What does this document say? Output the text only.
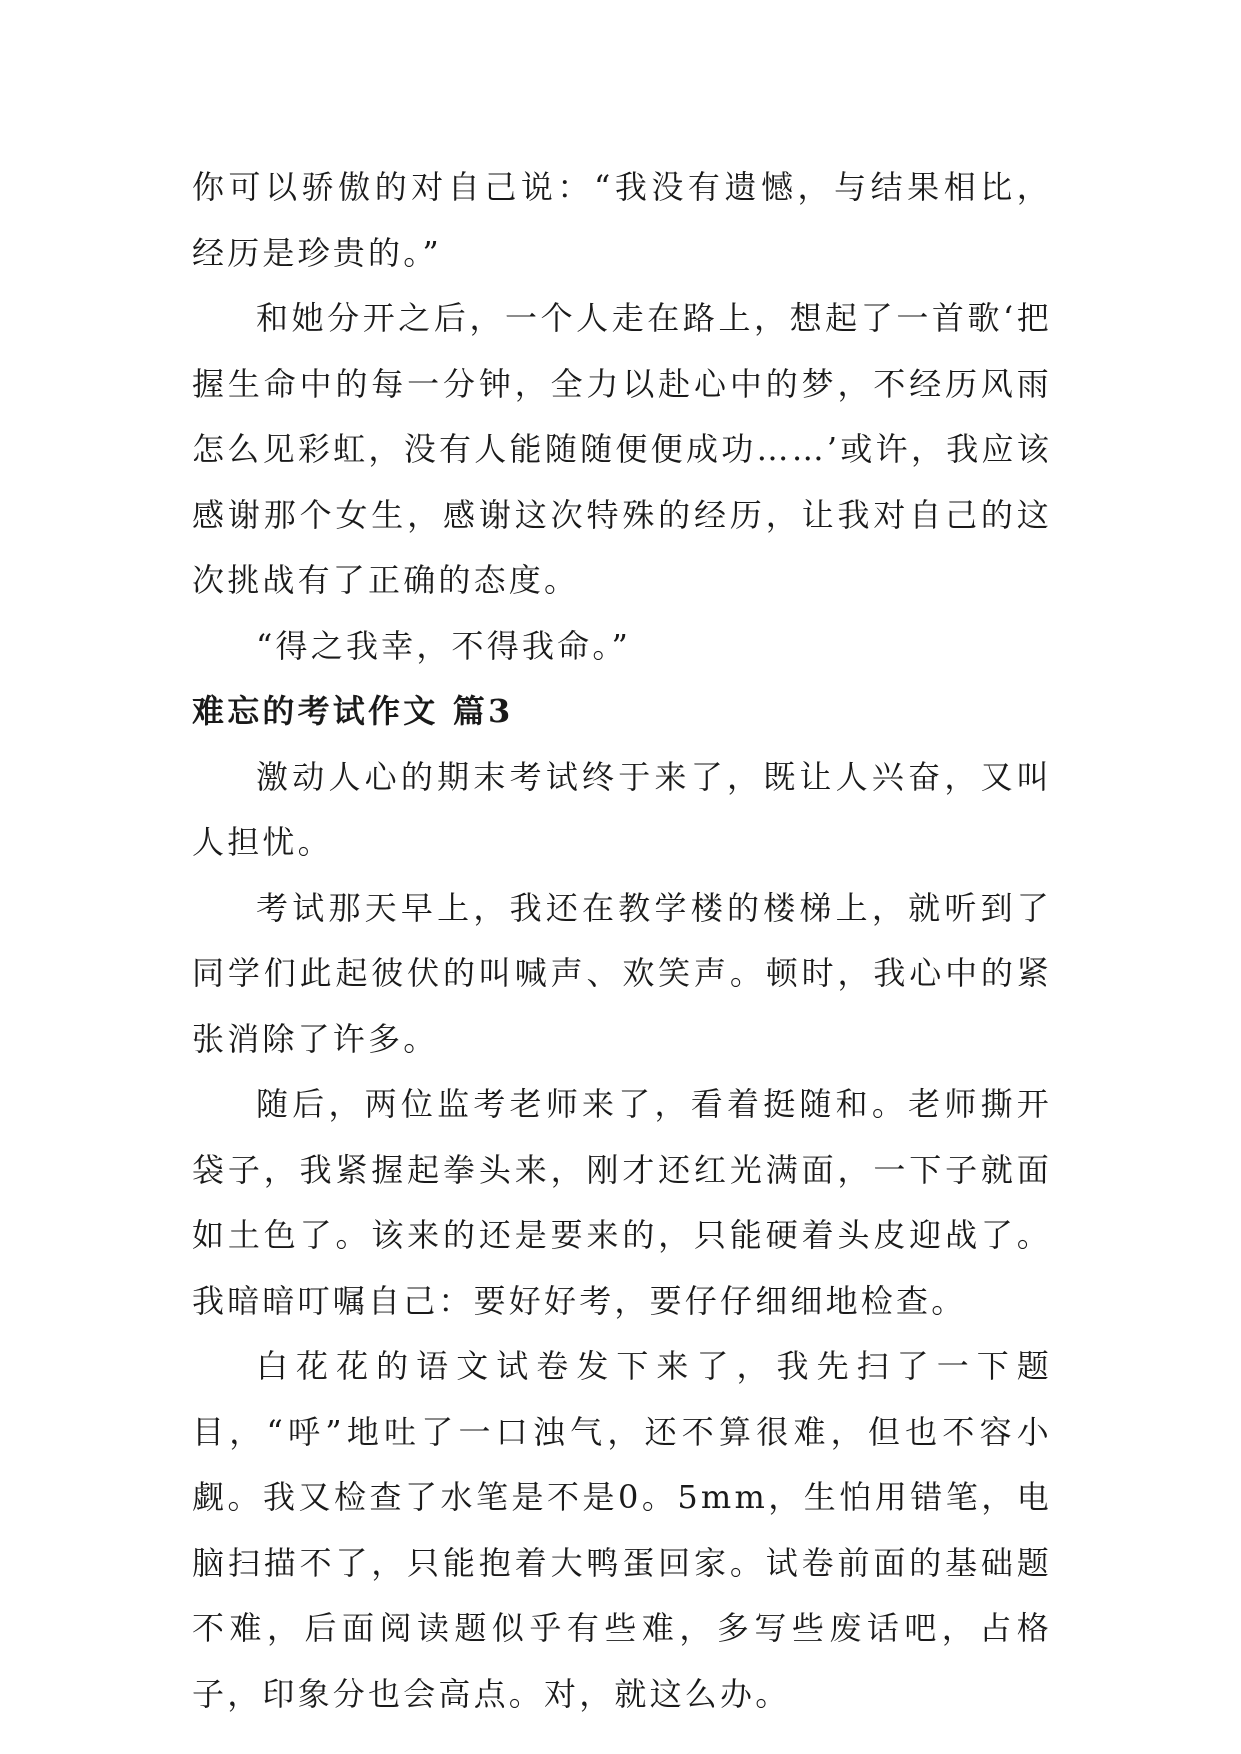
你可以骄傲的对自己说：“我没有遗憾，与结果相比，经历是珍贵的。”

和她分开之后，一个人走在路上，想起了一首歌‘把握生命中的每一分钟，全力以赴心中的梦，不经历风雨怎么见彩虹，没有人能随随便便成功……’或许，我应该感谢那个女生，感谢这次特殊的经历，让我对自己的这次挑战有了正确的态度。

“得之我幸，不得我命。”

难忘的考试作文 篇3

激动人心的期末考试终于来了，既让人兴奋，又叫人担忧。

考试那天早上，我还在教学楼的楼梯上，就听到了同学们此起彼伏的叫喊声、欢笑声。顿时，我心中的紧张消除了许多。

随后，两位监考老师来了，看着挺随和。老师撕开袋子，我紧握起拳头来，刚才还红光满面，一下子就面如土色了。该来的还是要来的，只能硬着头皮迎战了。我暗暗叮嘱自己：要好好考，要仔仔细细地检查。

白花花的语文试卷发下来了，我先扫了一下题目，“呼”地吐了一口浊气，还不算很难，但也不容小觑。我又检查了水笔是不是0。5mm，生怕用错笔，电脑扫描不了，只能抱着大鸭蛋回家。试卷前面的基础题不难，后面阅读题似乎有些难，多写些废话吧，占格子，印象分也会高点。对，就这么办。
